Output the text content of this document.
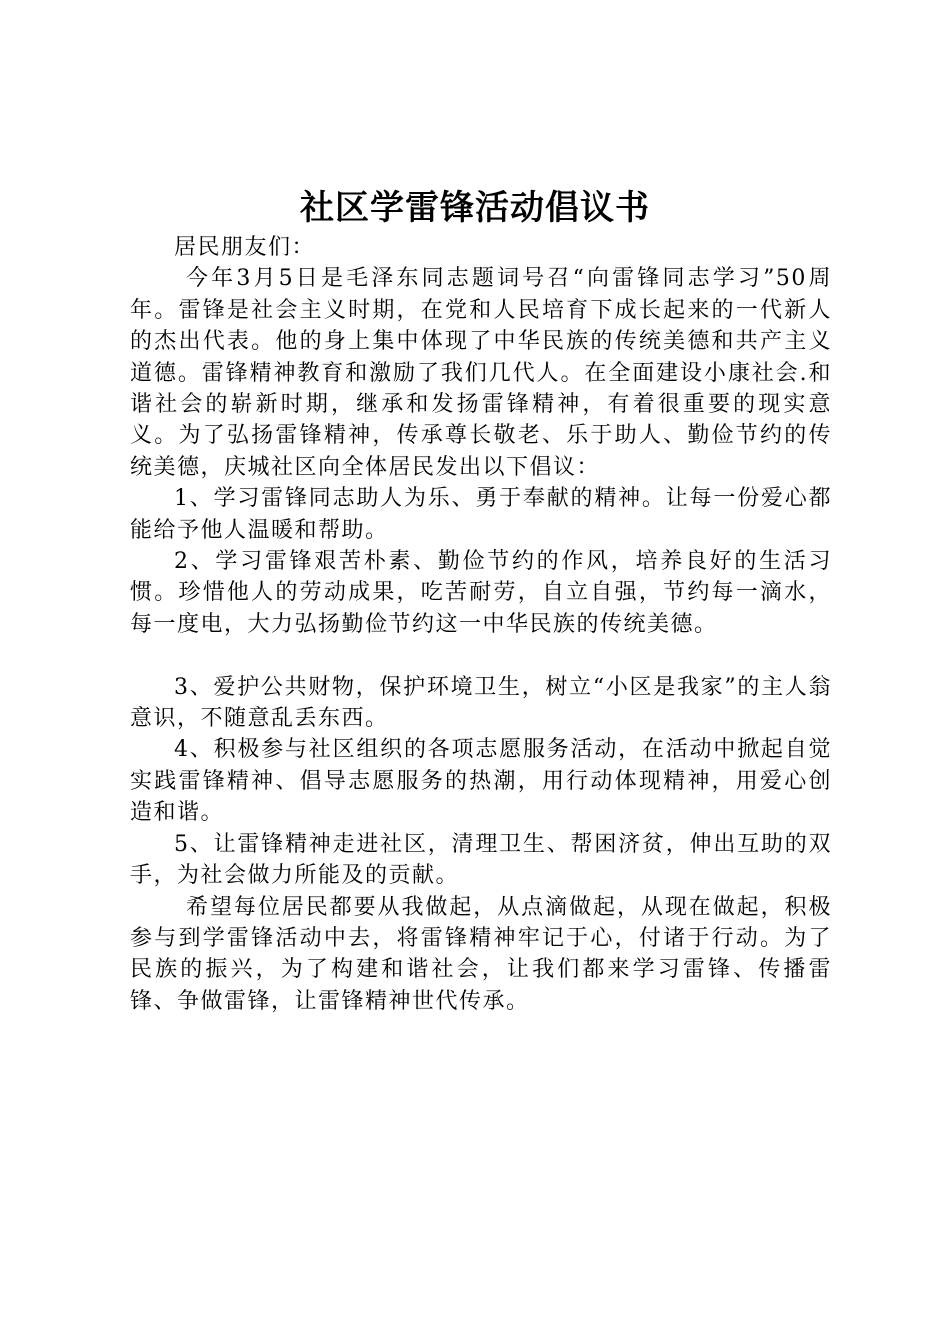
社区学雷锋活动倡议书

居民朋友们：

今年3月5日是毛泽东同志题词号召“向雷锋同志学习”50周年。雷锋是社会主义时期，在党和人民培育下成长起来的一代新人的杰出代表。他的身上集中体现了中华民族的传统美德和共产主义道德。雷锋精神教育和激励了我们几代人。在全面建设小康社会.和谐社会的崭新时期，继承和发扬雷锋精神，有着很重要的现实意义。为了弘扬雷锋精神，传承尊长敬老、乐于助人、勤俭节约的传统美德，庆城社区向全体居民发出以下倡议：

1、学习雷锋同志助人为乐、勇于奉献的精神。让每一份爱心都能给予他人温暖和帮助。

2、学习雷锋艰苦朴素、勤俭节约的作风，培养良好的生活习惯。珍惜他人的劳动成果，吃苦耐劳，自立自强，节约每一滴水，每一度电，大力弘扬勤俭节约这一中华民族的传统美德。

3、爱护公共财物，保护环境卫生，树立“小区是我家”的主人翁意识，不随意乱丢东西。

4、积极参与社区组织的各项志愿服务活动，在活动中掀起自觉实践雷锋精神、倡导志愿服务的热潮，用行动体现精神，用爱心创造和谐。

5、让雷锋精神走进社区，清理卫生、帮困济贫，伸出互助的双手，为社会做力所能及的贡献。

希望每位居民都要从我做起，从点滴做起，从现在做起，积极参与到学雷锋活动中去，将雷锋精神牢记于心，付诸于行动。为了民族的振兴，为了构建和谐社会，让我们都来学习雷锋、传播雷锋、争做雷锋，让雷锋精神世代传承。
